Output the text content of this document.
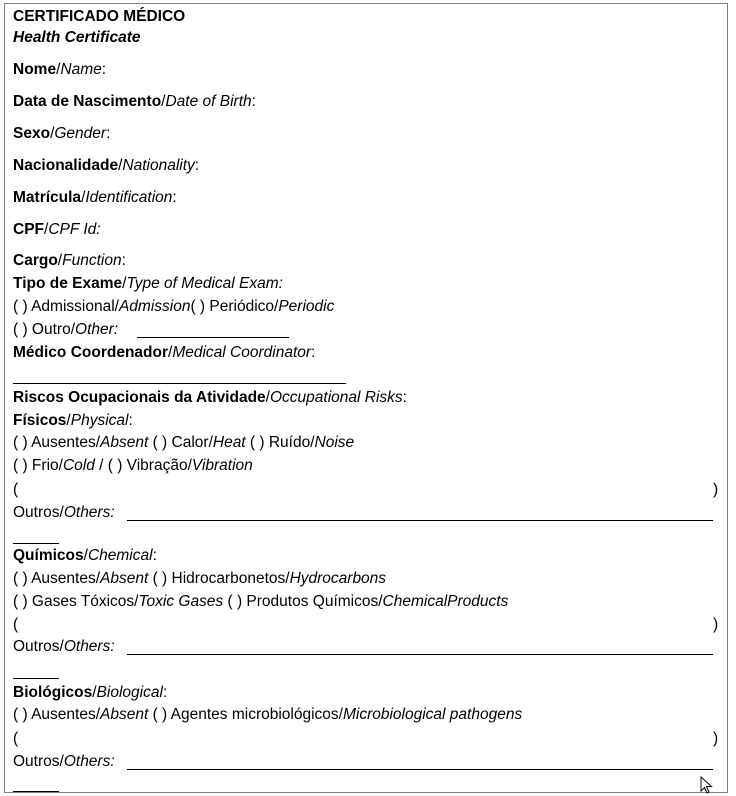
CERTIFICADO MÉDICO
Health Certificate
Nome/Name:
Data de Nascimento/Date of Birth:
Sexo/Gender:
Nacionalidade/Nationality:
Matrícula/Identification:
CPF/CPF Id:
Cargo/Function:
Tipo de Exame/Type of Medical Exam:
( ) Admissional/Admission( ) Periódico/Periodic
( ) Outro/Other:
Médico Coordenador/Medical Coordinator:
Riscos Ocupacionais da Atividade/Occupational Risks:
Físicos/Physical:
( ) Ausentes/Absent ( ) Calor/Heat ( ) Ruído/Noise
( ) Frio/Cold / ( ) Vibração/Vibration
(	)
Outros/Others:
Químicos/Chemical:
( ) Ausentes/Absent ( ) Hidrocarbonetos/Hydrocarbons
( ) Gases Tóxicos/Toxic Gases ( ) Produtos Químicos/ChemicalProducts
(	)
Outros/Others:
Biológicos/Biological:
( ) Ausentes/Absent ( ) Agentes microbiológicos/Microbiological pathogens
(	)
Outros/Others:
